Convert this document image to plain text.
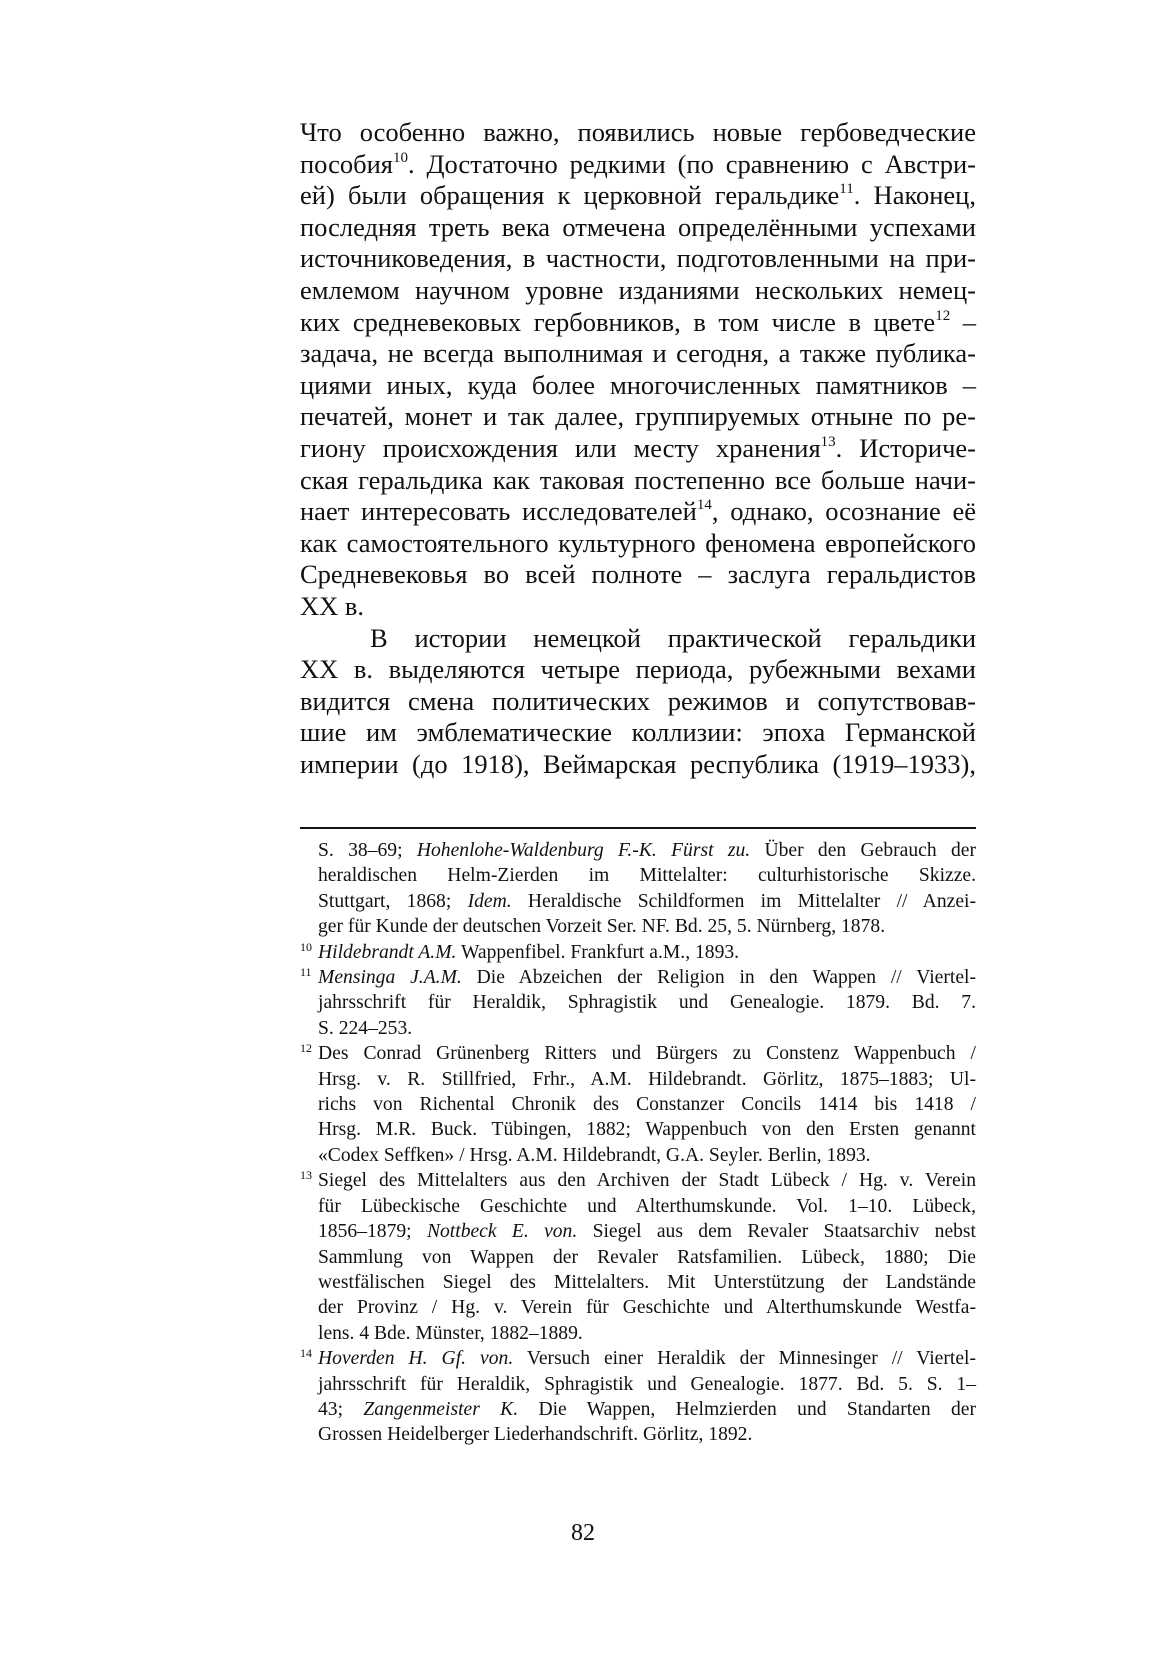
Что особенно важно, появились новые гербоведческие
пособия$^{10}$. Достаточно редкими (по сравнению с Австри-
ей) были обращения к церковной геральдике$^{11}$. Наконец,
последняя треть века отмечена определёнными успехами
источниковедения, в частности, подготовленными на при-
емлемом научном уровне изданиями нескольких немец-
ких средневековых гербовников, в том числе в цвете$^{12}$ –
задача, не всегда выполнимая и сегодня, а также публика-
циями иных, куда более многочисленных памятников –
печатей, монет и так далее, группируемых отныне по ре-
гиону происхождения или месту хранения$^{13}$. Историче-
ская геральдика как таковая постепенно все больше начи-
нает интересовать исследователей$^{14}$, однако, осознание её
как самостоятельного культурного феномена европейского
Средневековья во всей полноте – заслуга геральдистов
XX в.
В истории немецкой практической геральдики
XX в. выделяются четыре периода, рубежными вехами
видится смена политических режимов и сопутствовав-
шие им эмблематические коллизии: эпоха Германской
империи (до 1918), Веймарская республика (1919–1933),
S. 38–69; Hohenlohe-Waldenburg F.-K. Fürst zu. Über den Gebrauch der
heraldischen Helm-Zierden im Mittelalter: culturhistorische Skizze.
Stuttgart, 1868; Idem. Heraldische Schildformen im Mittelalter // Anzei-
ger für Kunde der deutschen Vorzeit Ser. NF. Bd. 25, 5. Nürnberg, 1878.
10 Hildebrandt A.M. Wappenfibel. Frankfurt a.M., 1893.
11 Mensinga J.A.M. Die Abzeichen der Religion in den Wappen // Viertel-
jahrsschrift für Heraldik, Sphragistik und Genealogie. 1879. Bd. 7.
S. 224–253.
12 Des Conrad Grünenberg Ritters und Bürgers zu Constenz Wappenbuch /
Hrsg. v. R. Stillfried, Frhr., A.M. Hildebrandt. Görlitz, 1875–1883; Ul-
richs von Richental Chronik des Constanzer Concils 1414 bis 1418 /
Hrsg. M.R. Buck. Tübingen, 1882; Wappenbuch von den Ersten genannt
«Codex Seffken» / Hrsg. A.M. Hildebrandt, G.A. Seyler. Berlin, 1893.
13 Siegel des Mittelalters aus den Archiven der Stadt Lübeck / Hg. v. Verein
für Lübeckische Geschichte und Alterthumskunde. Vol. 1–10. Lübeck,
1856–1879; Nottbeck E. von. Siegel aus dem Revaler Staatsarchiv nebst
Sammlung von Wappen der Revaler Ratsfamilien. Lübeck, 1880; Die
westfälischen Siegel des Mittelalters. Mit Unterstützung der Landstände
der Provinz / Hg. v. Verein für Geschichte und Alterthumskunde Westfa-
lens. 4 Bde. Münster, 1882–1889.
14 Hoverden H. Gf. von. Versuch einer Heraldik der Minnesinger // Viertel-
jahrsschrift für Heraldik, Sphragistik und Genealogie. 1877. Bd. 5. S. 1–
43; Zangenmeister K. Die Wappen, Helmzierden und Standarten der
Grossen Heidelberger Liederhandschrift. Görlitz, 1892.
82
